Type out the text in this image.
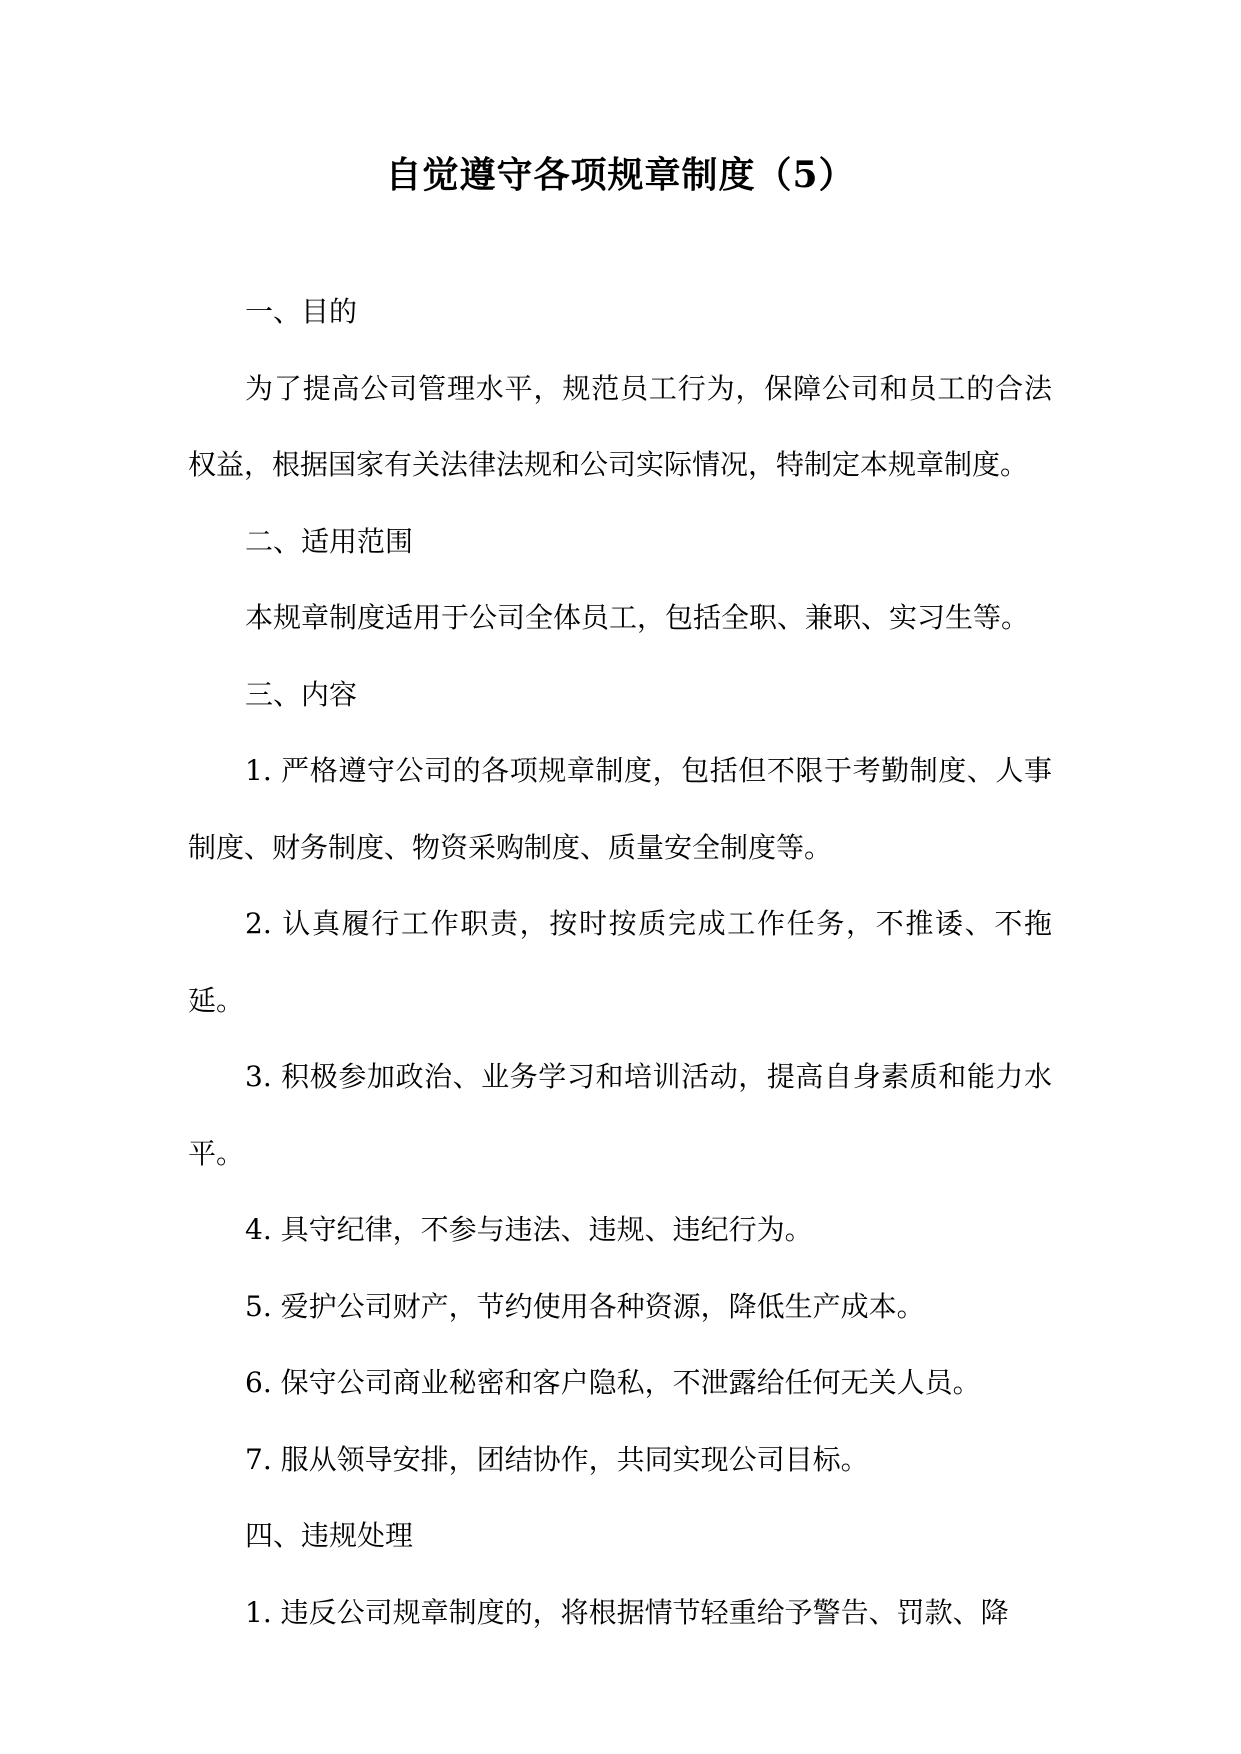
自觉遵守各项规章制度（5）

一、目的

为了提高公司管理水平，规范员工行为，保障公司和员工的合法权益，根据国家有关法律法规和公司实际情况，特制定本规章制度。

二、适用范围

本规章制度适用于公司全体员工，包括全职、兼职、实习生等。

三、内容

1. 严格遵守公司的各项规章制度，包括但不限于考勤制度、人事制度、财务制度、物资采购制度、质量安全制度等。

2. 认真履行工作职责，按时按质完成工作任务，不推诿、不拖延。

3. 积极参加政治、业务学习和培训活动，提高自身素质和能力水平。

4. 具守纪律，不参与违法、违规、违纪行为。

5. 爱护公司财产，节约使用各种资源，降低生产成本。

6. 保守公司商业秘密和客户隐私，不泄露给任何无关人员。

7. 服从领导安排，团结协作，共同实现公司目标。

四、违规处理

1. 违反公司规章制度的，将根据情节轻重给予警告、罚款、降
